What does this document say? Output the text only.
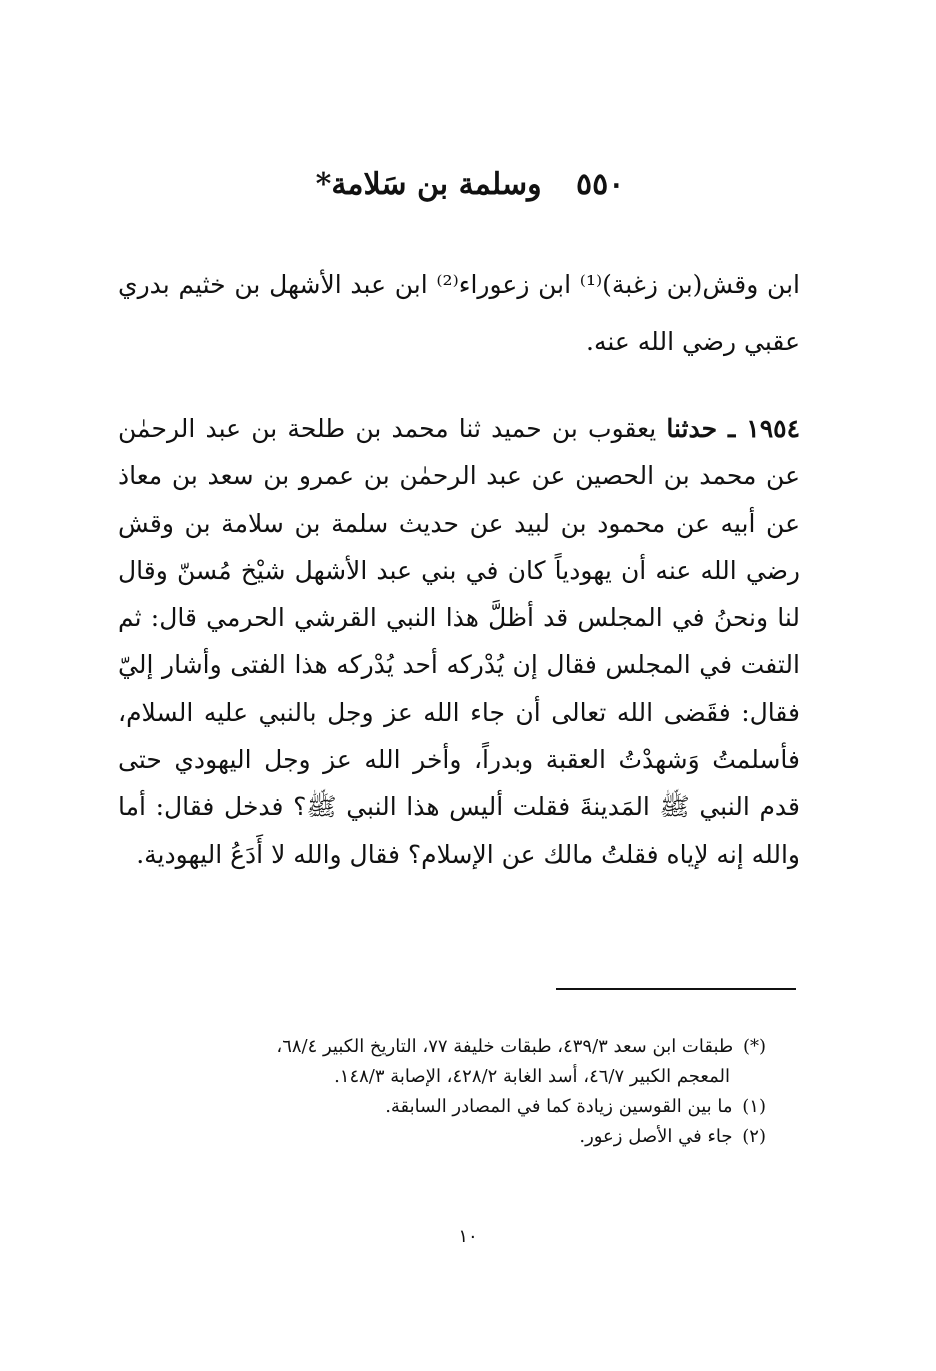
٥٥٠ وسلمة بن سَلامة*
ابن وقش(بن زغبة)⁽¹⁾ ابن زعوراء⁽²⁾ ابن عبد الأشهل بن خثيم بدري عقبي رضي الله عنه.
١٩٥٤ ـ حدثنا يعقوب بن حميد ثنا محمد بن طلحة بن عبد الرحمٰن عن محمد بن الحصين عن عبد الرحمٰن بن عمرو بن سعد بن معاذ عن أبيه عن محمود بن لبيد عن حديث سلمة بن سلامة بن وقش رضي الله عنه أن يهودياً كان في بني عبد الأشهل شيْخ مُسنّ وقال لنا ونحنُ في المجلس قد أظلَّ هذا النبي القرشي الحرمي قال: ثم التفت في المجلس فقال إن يُدْركه أحد يُدْركه هذا الفتى وأشار إليّ فقال: فقَضى الله تعالى أن جاء الله عز وجل بالنبي عليه السلام، فأسلمتُ وَشهدْتُ العقبة وبدراً، وأخر الله عز وجل اليهودي حتى قدم النبي ﷺ المَدينةَ فقلت أليس هذا النبي ﷺ؟ فدخل فقال: أما والله إنه لإياه فقلتُ مالك عن الإسلام؟ فقال والله لا أَدَعُ اليهودية.
(*) طبقات ابن سعد ٤٣٩/٣، طبقات خليفة ٧٧، التاريخ الكبير ٦٨/٤،
المعجم الكبير ٤٦/٧، أسد الغابة ٤٢٨/٢، الإصابة ١٤٨/٣.
(١) ما بين القوسين زيادة كما في المصادر السابقة.
(٢) جاء في الأصل زعور.
١٠
